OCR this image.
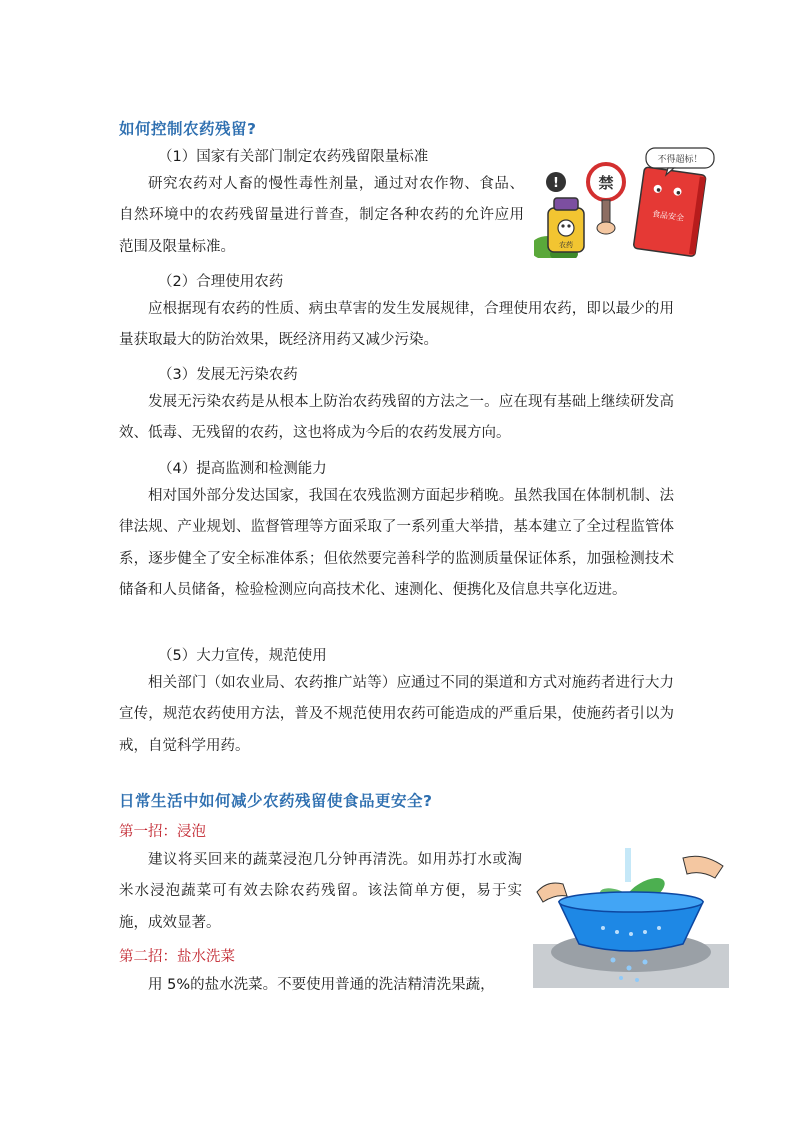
如何控制农药残留?
（1）国家有关部门制定农药残留限量标准
研究农药对人畜的慢性毒性剂量，通过对农作物、食品、自然环境中的农药残留量进行普查，制定各种农药的允许应用范围及限量标准。	农药
!	禁
食品安全
不得超标！
（2）合理使用农药
应根据现有农药的性质、病虫草害的发生发展规律，合理使用农药，即以最少的用量获取最大的防治效果，既经济用药又减少污染。
（3）发展无污染农药
发展无污染农药是从根本上防治农药残留的方法之一。应在现有基础上继续研发高效、低毒、无残留的农药，这也将成为今后的农药发展方向。
（4）提高监测和检测能力
相对国外部分发达国家，我国在农残监测方面起步稍晚。虽然我国在体制机制、法律法规、产业规划、监督管理等方面采取了一系列重大举措，基本建立了全过程监管体系，逐步健全了安全标准体系；但依然要完善科学的监测质量保证体系，加强检测技术储备和人员储备，检验检测应向高技术化、速测化、便携化及信息共享化迈进。
（5）大力宣传，规范使用
相关部门（如农业局、农药推广站等）应通过不同的渠道和方式对施药者进行大力宣传，规范农药使用方法，普及不规范使用农药可能造成的严重后果，使施药者引以为戒，自觉科学用药。
日常生活中如何减少农药残留使食品更安全?
第一招：浸泡
建议将买回来的蔬菜浸泡几分钟再清洗。如用苏打水或淘米水浸泡蔬菜可有效去除农药残留。该法简单方便，易于实施，成效显著。
第二招：盐水洗菜
用 5%的盐水洗菜。不要使用普通的洗洁精清洗果蔬，
